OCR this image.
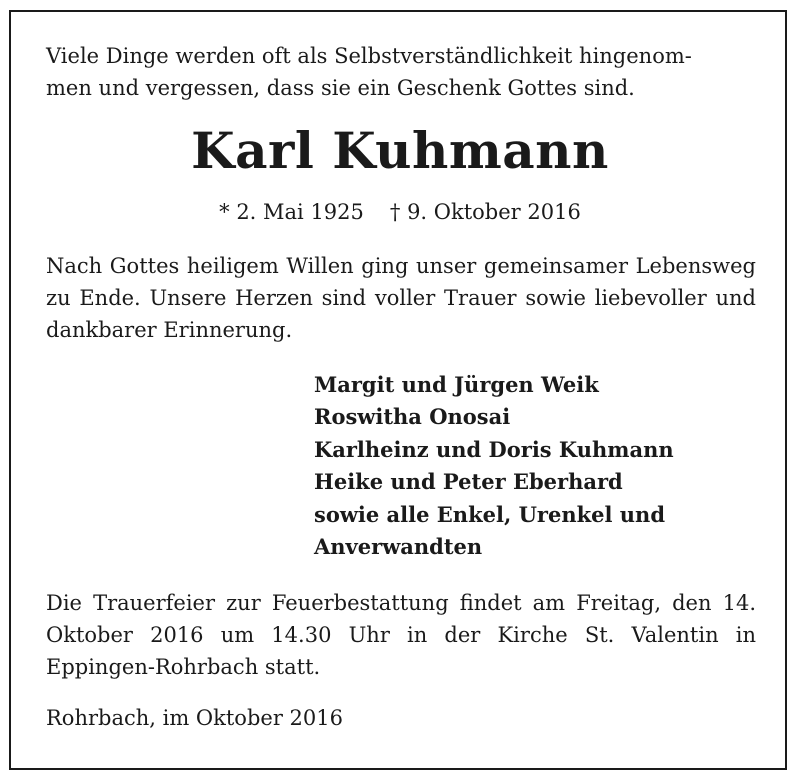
Viele Dinge werden oft als Selbstverständlichkeit hingenom-
men und vergessen, dass sie ein Geschenk Gottes sind.

Karl Kuhmann
* 2. Mai 1925 † 9. Oktober 2016

Nach Gottes heiligem Willen ging unser gemeinsamer Lebensweg zu Ende. Unsere Herzen sind voller Trauer sowie liebevoller und dankbarer Erinnerung.

Margit und Jürgen Weik
Roswitha Onosai
Karlheinz und Doris Kuhmann
Heike und Peter Eberhard
sowie alle Enkel, Urenkel und
Anverwandten

Die Trauerfeier zur Feuerbestattung findet am Freitag, den 14. Oktober 2016 um 14.30 Uhr in der Kirche St. Valentin in Eppingen-Rohrbach statt.

Rohrbach, im Oktober 2016
